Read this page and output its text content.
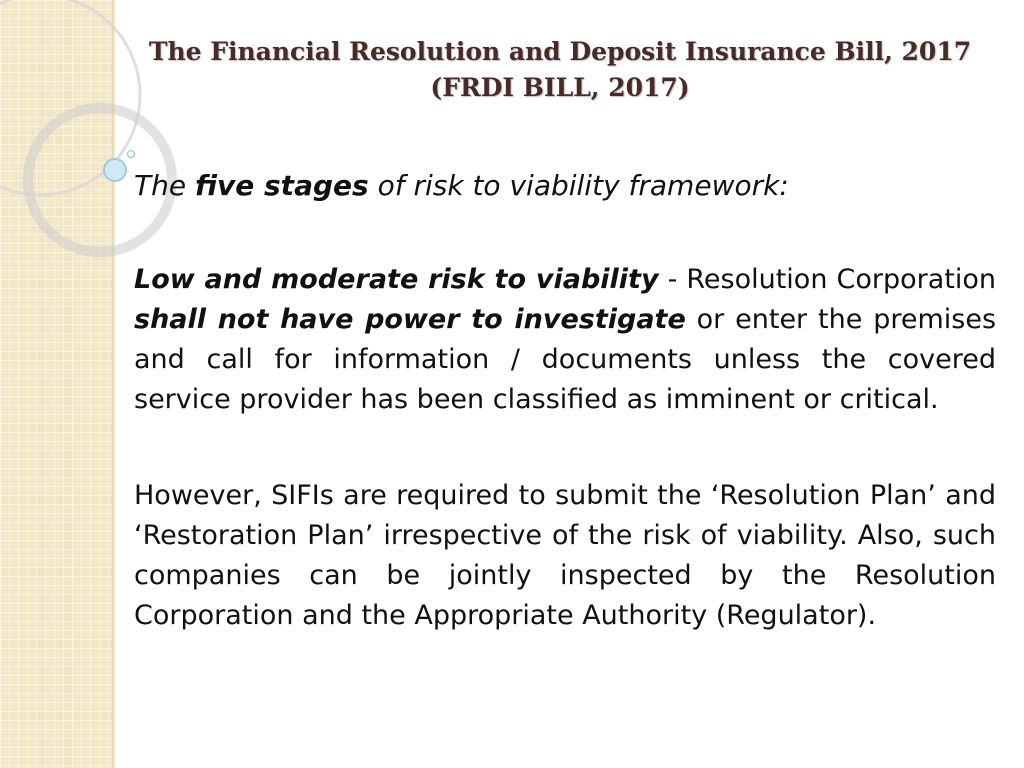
The Financial Resolution and Deposit Insurance Bill, 2017
(FRDI BILL, 2017)

The five stages of risk to viability framework:

Low and moderate risk to viability - Resolution Corporation shall not have power to investigate or enter the premises and call for information / documents unless the covered service provider has been classified as imminent or critical.

However, SIFIs are required to submit the ‘Resolution Plan’ and ‘Restoration Plan’ irrespective of the risk of viability. Also, such companies can be jointly inspected by the Resolution Corporation and the Appropriate Authority (Regulator).
